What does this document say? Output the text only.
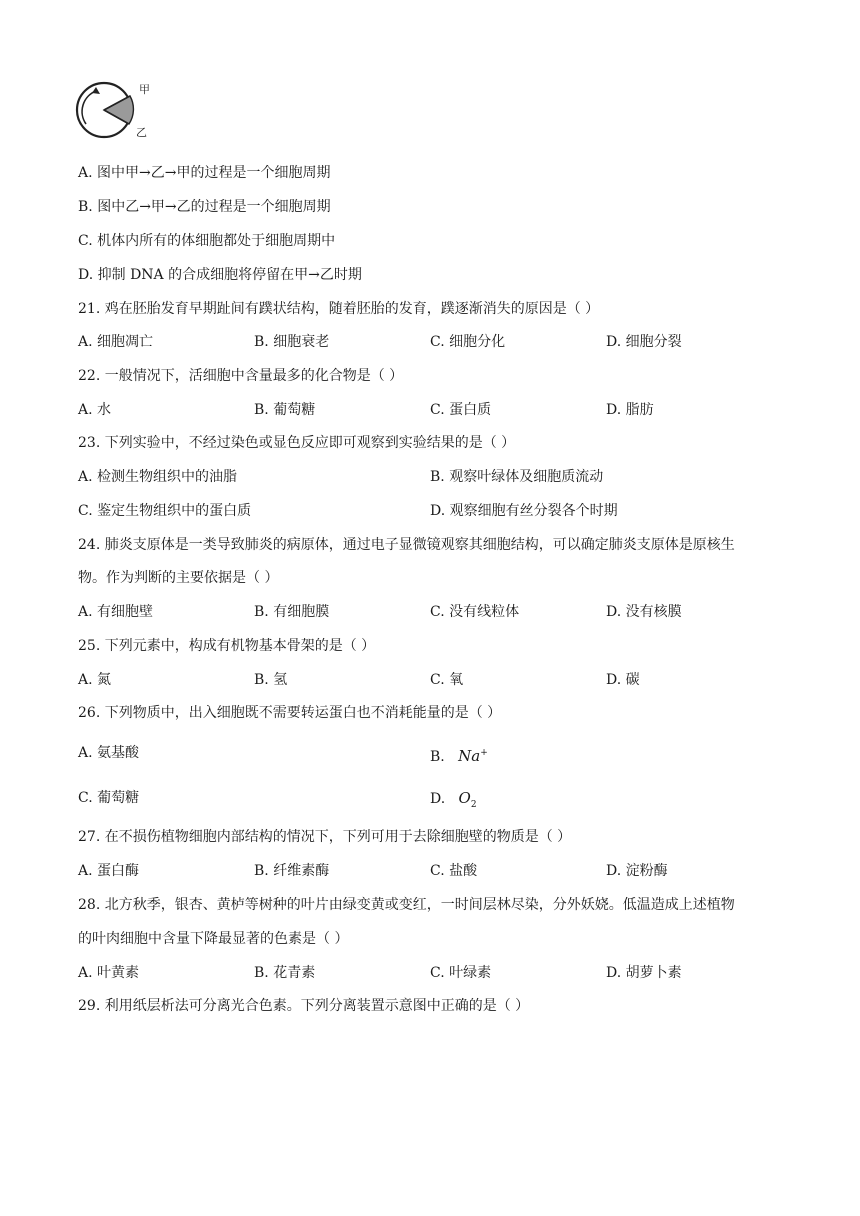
甲
乙
A. 图中甲→乙→甲的过程是一个细胞周期
B. 图中乙→甲→乙的过程是一个细胞周期
C. 机体内所有的体细胞都处于细胞周期中
D. 抑制 DNA 的合成细胞将停留在甲→乙时期
21. 鸡在胚胎发育早期趾间有蹼状结构，随着胚胎的发育，蹼逐渐消失的原因是（ ）
A. 细胞凋亡	B. 细胞衰老	C. 细胞分化	D. 细胞分裂
22. 一般情况下，活细胞中含量最多的化合物是（ ）
A. 水	B. 葡萄糖	C. 蛋白质	D. 脂肪
23. 下列实验中，不经过染色或显色反应即可观察到实验结果的是（ ）
A. 检测生物组织中的油脂	B. 观察叶绿体及细胞质流动
C. 鉴定生物组织中的蛋白质	D. 观察细胞有丝分裂各个时期
24. 肺炎支原体是一类导致肺炎的病原体，通过电子显微镜观察其细胞结构，可以确定肺炎支原体是原核生
物。作为判断的主要依据是（ ）
A. 有细胞壁	B. 有细胞膜	C. 没有线粒体	D. 没有核膜
25. 下列元素中，构成有机物基本骨架的是（ ）
A. 氮	B. 氢	C. 氧	D. 碳
26. 下列物质中，出入细胞既不需要转运蛋白也不消耗能量的是（ ）
A. 氨基酸	B. Na+
C. 葡萄糖	D. $O_2$
27. 在不损伤植物细胞内部结构的情况下，下列可用于去除细胞壁的物质是（ ）
A. 蛋白酶	B. 纤维素酶	C. 盐酸	D. 淀粉酶
28. 北方秋季，银杏、黄栌等树种的叶片由绿变黄或变红，一时间层林尽染，分外妖娆。低温造成上述植物
的叶肉细胞中含量下降最显著的色素是（ ）
A. 叶黄素	B. 花青素	C. 叶绿素	D. 胡萝卜素
29. 利用纸层析法可分离光合色素。下列分离装置示意图中正确的是（ ）
